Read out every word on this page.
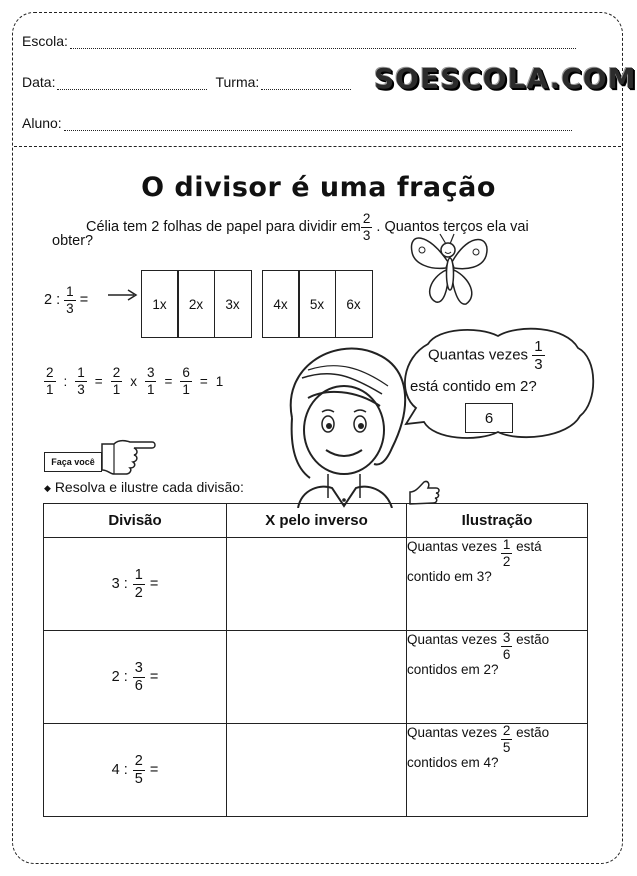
Escola:
Data:	Turma:	SOESCOLA.COM
Aluno:
O divisor é uma fração
Célia tem 2 folhas de papel para dividir em $\frac{2}{3}$ . Quantos terços ela vai
obter?
2 : $\frac{1}{3}$ =	1x	2x	3x	4x	5x	6x
$\frac{2}{1}$ : $\frac{1}{3} = \frac{2}{1}$ x $\frac{3}{1} = \frac{6}{1} = 1$
Quantas vezes $\frac{1}{3}$
está contido em 2?
6
Faça você
◆ Resolva e ilustre cada divisão:
Divisão	X pelo inverso	Ilustração

3 : $\frac{1}{2}$ =		Quantas vezes $\frac{1}{2}$ está
contido em 3?

2 : $\frac{3}{6}$ =		Quantas vezes $\frac{3}{6}$ estão
contidos em 2?

4 : $\frac{2}{5}$ =		Quantas vezes $\frac{2}{5}$ estão
contidos em 4?
